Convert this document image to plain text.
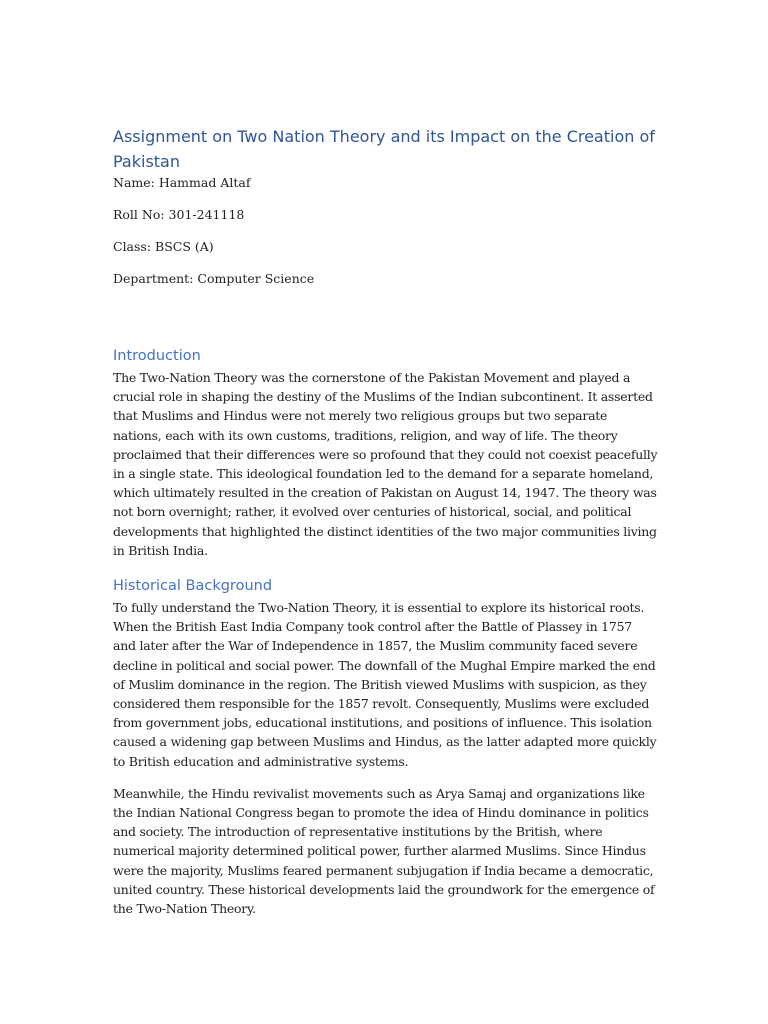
Assignment on Two Nation Theory and its Impact on the Creation of Pakistan

Name: Hammad Altaf

Roll No: 301-241118

Class: BSCS (A)

Department: Computer Science

Introduction

The Two-Nation Theory was the cornerstone of the Pakistan Movement and played a crucial role in shaping the destiny of the Muslims of the Indian subcontinent. It asserted that Muslims and Hindus were not merely two religious groups but two separate nations, each with its own customs, traditions, religion, and way of life. The theory proclaimed that their differences were so profound that they could not coexist peacefully in a single state. This ideological foundation led to the demand for a separate homeland, which ultimately resulted in the creation of Pakistan on August 14, 1947. The theory was not born overnight; rather, it evolved over centuries of historical, social, and political developments that highlighted the distinct identities of the two major communities living in British India.

Historical Background

To fully understand the Two-Nation Theory, it is essential to explore its historical roots. When the British East India Company took control after the Battle of Plassey in 1757 and later after the War of Independence in 1857, the Muslim community faced severe decline in political and social power. The downfall of the Mughal Empire marked the end of Muslim dominance in the region. The British viewed Muslims with suspicion, as they considered them responsible for the 1857 revolt. Consequently, Muslims were excluded from government jobs, educational institutions, and positions of influence. This isolation caused a widening gap between Muslims and Hindus, as the latter adapted more quickly to British education and administrative systems.

Meanwhile, the Hindu revivalist movements such as Arya Samaj and organizations like the Indian National Congress began to promote the idea of Hindu dominance in politics and society. The introduction of representative institutions by the British, where numerical majority determined political power, further alarmed Muslims. Since Hindus were the majority, Muslims feared permanent subjugation if India became a democratic, united country. These historical developments laid the groundwork for the emergence of the Two-Nation Theory.
